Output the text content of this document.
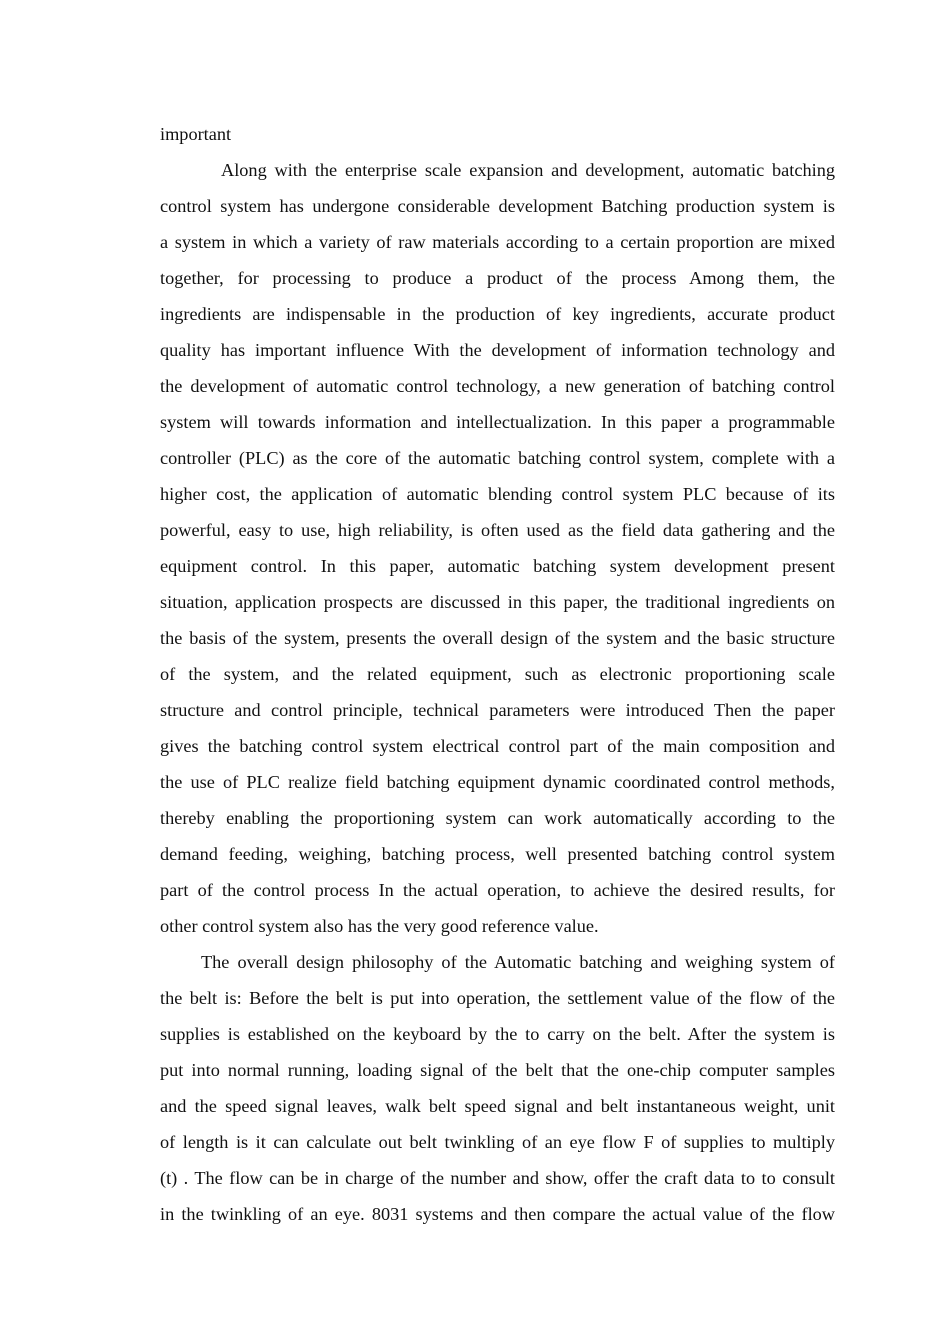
important
Along with the enterprise scale expansion and development, automatic batching
control system has undergone considerable development Batching production system is
a system in which a variety of raw materials according to a certain proportion are mixed
together, for processing to produce a product of the process Among them, the
ingredients are indispensable in the production of key ingredients, accurate product
quality has important influence With the development of information technology and
the development of automatic control technology, a new generation of batching control
system will towards information and intellectualization. In this paper a programmable
controller (PLC) as the core of the automatic batching control system, complete with a
higher cost, the application of automatic blending control system PLC because of its
powerful, easy to use, high reliability, is often used as the field data gathering and the
equipment control. In this paper, automatic batching system development present
situation, application prospects are discussed in this paper, the traditional ingredients on
the basis of the system, presents the overall design of the system and the basic structure
of the system, and the related equipment, such as electronic proportioning scale
structure and control principle, technical parameters were introduced Then the paper
gives the batching control system electrical control part of the main composition and
the use of PLC realize field batching equipment dynamic coordinated control methods,
thereby enabling the proportioning system can work automatically according to the
demand feeding, weighing, batching process, well presented batching control system
part of the control process In the actual operation, to achieve the desired results, for
other control system also has the very good reference value.
The overall design philosophy of the Automatic batching and weighing system of
the belt is: Before the belt is put into operation, the settlement value of the flow of the
supplies is established on the keyboard by the to carry on the belt. After the system is
put into normal running, loading signal of the belt that the one-chip computer samples
and the speed signal leaves, walk belt speed signal and belt instantaneous weight, unit
of length is it can calculate out belt twinkling of an eye flow F of supplies to multiply
(t) . The flow can be in charge of the number and show, offer the craft data to to consult
in the twinkling of an eye. 8031 systems and then compare the actual value of the flow
